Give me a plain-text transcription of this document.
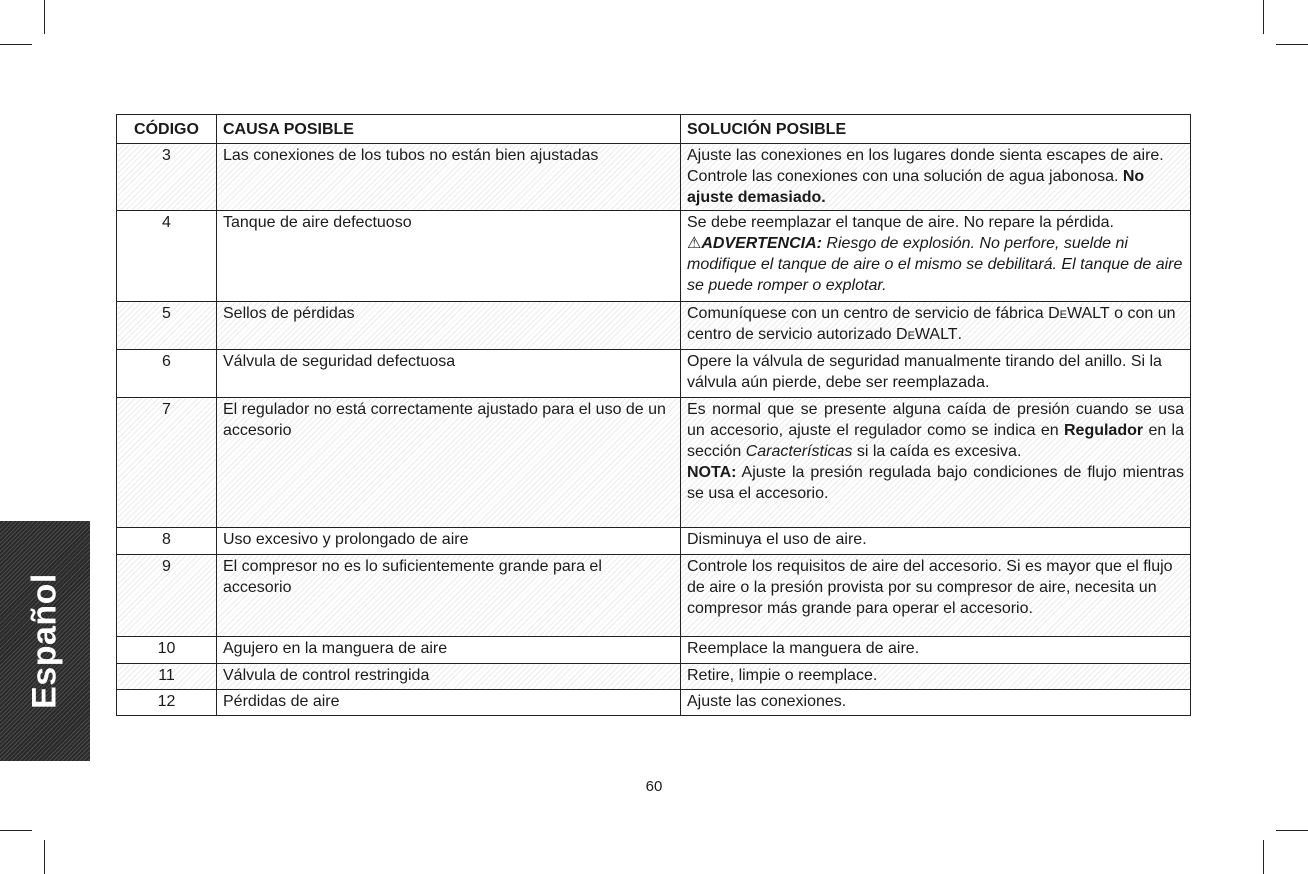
CÓDIGO	CAUSA POSIBLE	SOLUCIÓN POSIBLE
3	Las conexiones de los tubos no están bien ajustadas	Ajuste las conexiones en los lugares donde sienta escapes de aire. Controle las conexiones con una solución de agua jabonosa. No ajuste demasiado.
4	Tanque de aire defectuoso	Se debe reemplazar el tanque de aire. No repare la pérdida.
⚠ADVERTENCIA: Riesgo de explosión. No perfore, suelde ni modifique el tanque de aire o el mismo se debilitará. El tanque de aire se puede romper o explotar.

5	Sellos de pérdidas	Comuníquese con un centro de servicio de fábrica DeWALT o con un centro de servicio autorizado DeWALT.
6	Válvula de seguridad defectuosa	Opere la válvula de seguridad manualmente tirando del anillo. Si la válvula aún pierde, debe ser reemplazada.
7	El regulador no está correctamente ajustado para el uso de un accesorio	Es normal que se presente alguna caída de presión cuando se usa un accesorio, ajuste el regulador como se indica en Regulador en la sección Características si la caída es excesiva.
NOTA: Ajuste la presión regulada bajo condiciones de flujo mientras se usa el accesorio.

8	Uso excesivo y prolongado de aire	Disminuya el uso de aire.
9	El compresor no es lo suficientemente grande para el accesorio	Controle los requisitos de aire del accesorio. Si es mayor que el flujo de aire o la presión provista por su compresor de aire, necesita un compresor más grande para operar el accesorio.
10	Agujero en la manguera de aire	Reemplace la manguera de aire.
11	Válvula de control restringida	Retire, limpie o reemplace.
12	Pérdidas de aire	Ajuste las conexiones.
Español
60
